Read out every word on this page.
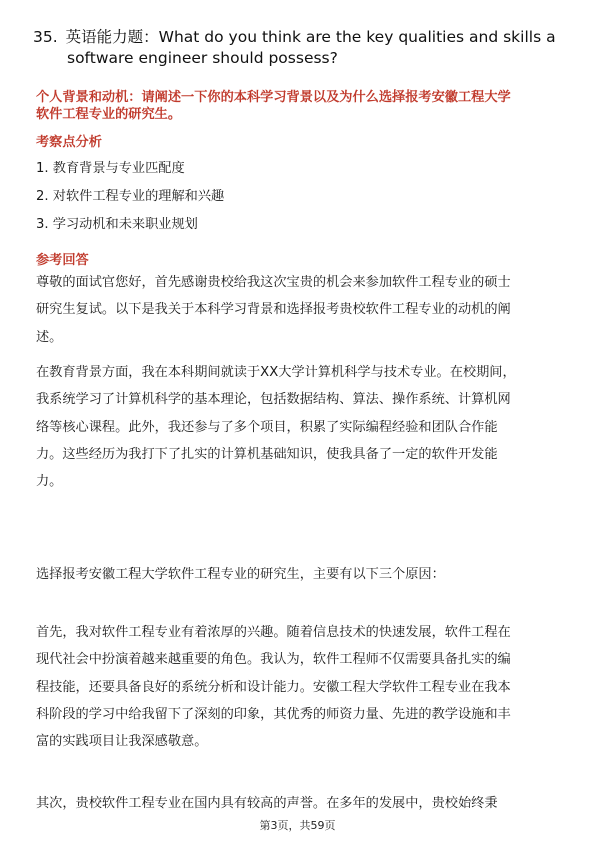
35. 英语能力题：What do you think are the key qualities and skills a
software engineer should possess?
个人背景和动机：请阐述一下你的本科学习背景以及为什么选择报考安徽工程大学
软件工程专业的研究生。
考察点分析
1. 教育背景与专业匹配度
2. 对软件工程专业的理解和兴趣
3. 学习动机和未来职业规划
参考回答
尊敬的面试官您好，首先感谢贵校给我这次宝贵的机会来参加软件工程专业的硕士
研究生复试。以下是我关于本科学习背景和选择报考贵校软件工程专业的动机的阐
述。
在教育背景方面，我在本科期间就读于XX大学计算机科学与技术专业。在校期间，
我系统学习了计算机科学的基本理论，包括数据结构、算法、操作系统、计算机网
络等核心课程。此外，我还参与了多个项目，积累了实际编程经验和团队合作能
力。这些经历为我打下了扎实的计算机基础知识，使我具备了一定的软件开发能
力。
选择报考安徽工程大学软件工程专业的研究生，主要有以下三个原因：
首先，我对软件工程专业有着浓厚的兴趣。随着信息技术的快速发展，软件工程在
现代社会中扮演着越来越重要的角色。我认为，软件工程师不仅需要具备扎实的编
程技能，还要具备良好的系统分析和设计能力。安徽工程大学软件工程专业在我本
科阶段的学习中给我留下了深刻的印象，其优秀的师资力量、先进的教学设施和丰
富的实践项目让我深感敬意。
其次，贵校软件工程专业在国内具有较高的声誉。在多年的发展中，贵校始终秉
第3页，共59页
